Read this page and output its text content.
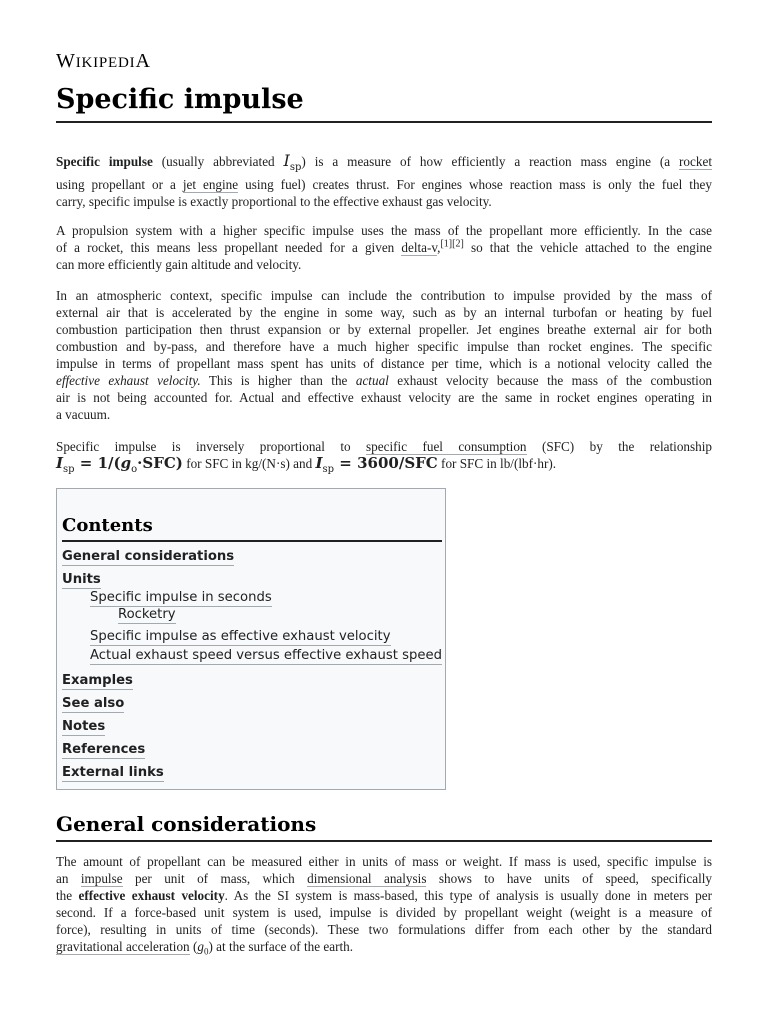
WIKIPEDIA
Specific impulse
Specific impulse (usually abbreviated $I_{sp}$) is a measure of how efficiently a reaction mass engine (a rocket
using propellant or a jet engine using fuel) creates thrust. For engines whose reaction mass is only the fuel they
carry, specific impulse is exactly proportional to the effective exhaust gas velocity.
A propulsion system with a higher specific impulse uses the mass of the propellant more efficiently. In the case
of a rocket, this means less propellant needed for a given delta-v,[1][2] so that the vehicle attached to the engine
can more efficiently gain altitude and velocity.
In an atmospheric context, specific impulse can include the contribution to impulse provided by the mass of
external air that is accelerated by the engine in some way, such as by an internal turbofan or heating by fuel
combustion participation then thrust expansion or by external propeller. Jet engines breathe external air for both
combustion and by-pass, and therefore have a much higher specific impulse than rocket engines. The specific
impulse in terms of propellant mass spent has units of distance per time, which is a notional velocity called the
effective exhaust velocity. This is higher than the actual exhaust velocity because the mass of the combustion
air is not being accounted for. Actual and effective exhaust velocity are the same in rocket engines operating in
a vacuum.
Specific impulse is inversely proportional to specific fuel consumption (SFC) by the relationship
$I_{sp} = 1/(g_o\cdot SFC)$ for SFC in kg/(N·s) and $I_{sp} = 3600/SFC$ for SFC in lb/(lbf·hr).
Contents
General considerations
Units
Specific impulse in seconds
Rocketry
Specific impulse as effective exhaust velocity
Actual exhaust speed versus effective exhaust speed
Examples
See also
Notes
References
External links
General considerations
The amount of propellant can be measured either in units of mass or weight. If mass is used, specific impulse is
an impulse per unit of mass, which dimensional analysis shows to have units of speed, specifically
the effective exhaust velocity. As the SI system is mass-based, this type of analysis is usually done in meters per
second. If a force-based unit system is used, impulse is divided by propellant weight (weight is a measure of
force), resulting in units of time (seconds). These two formulations differ from each other by the standard
gravitational acceleration $(g_0)$ at the surface of the earth.
